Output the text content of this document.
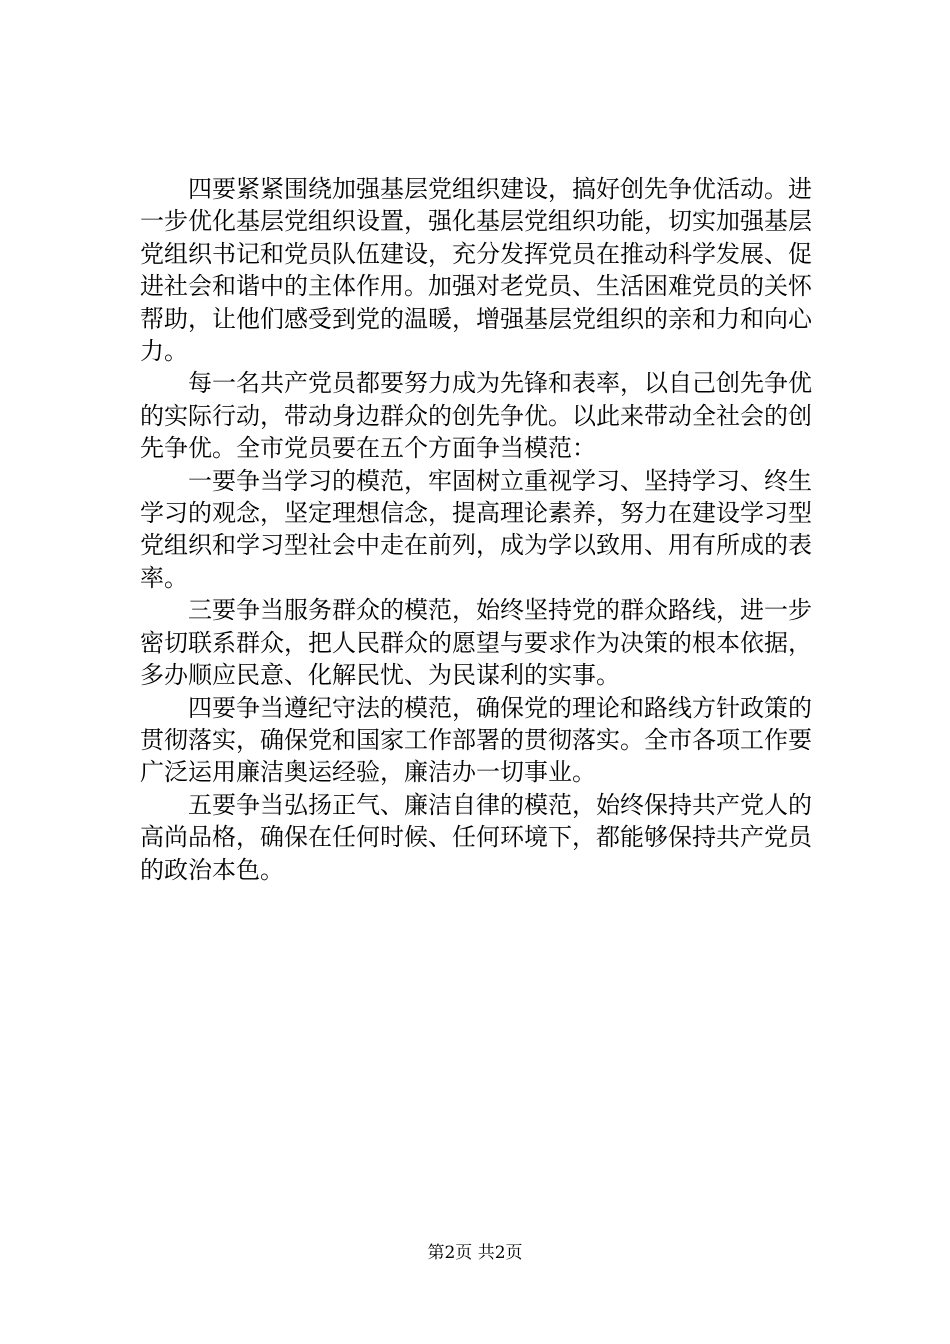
四要紧紧围绕加强基层党组织建设，搞好创先争优活动。进一步优化基层党组织设置，强化基层党组织功能，切实加强基层党组织书记和党员队伍建设，充分发挥党员在推动科学发展、促进社会和谐中的主体作用。加强对老党员、生活困难党员的关怀帮助，让他们感受到党的温暖，增强基层党组织的亲和力和向心力。

每一名共产党员都要努力成为先锋和表率，以自己创先争优的实际行动，带动身边群众的创先争优。以此来带动全社会的创先争优。全市党员要在五个方面争当模范：

一要争当学习的模范，牢固树立重视学习、坚持学习、终生学习的观念，坚定理想信念，提高理论素养，努力在建设学习型党组织和学习型社会中走在前列，成为学以致用、用有所成的表率。

三要争当服务群众的模范，始终坚持党的群众路线，进一步密切联系群众，把人民群众的愿望与要求作为决策的根本依据，多办顺应民意、化解民忧、为民谋利的实事。

四要争当遵纪守法的模范，确保党的理论和路线方针政策的贯彻落实，确保党和国家工作部署的贯彻落实。全市各项工作要广泛运用廉洁奥运经验，廉洁办一切事业。

五要争当弘扬正气、廉洁自律的模范，始终保持共产党人的高尚品格，确保在任何时候、任何环境下，都能够保持共产党员的政治本色。

第2页 共2页
